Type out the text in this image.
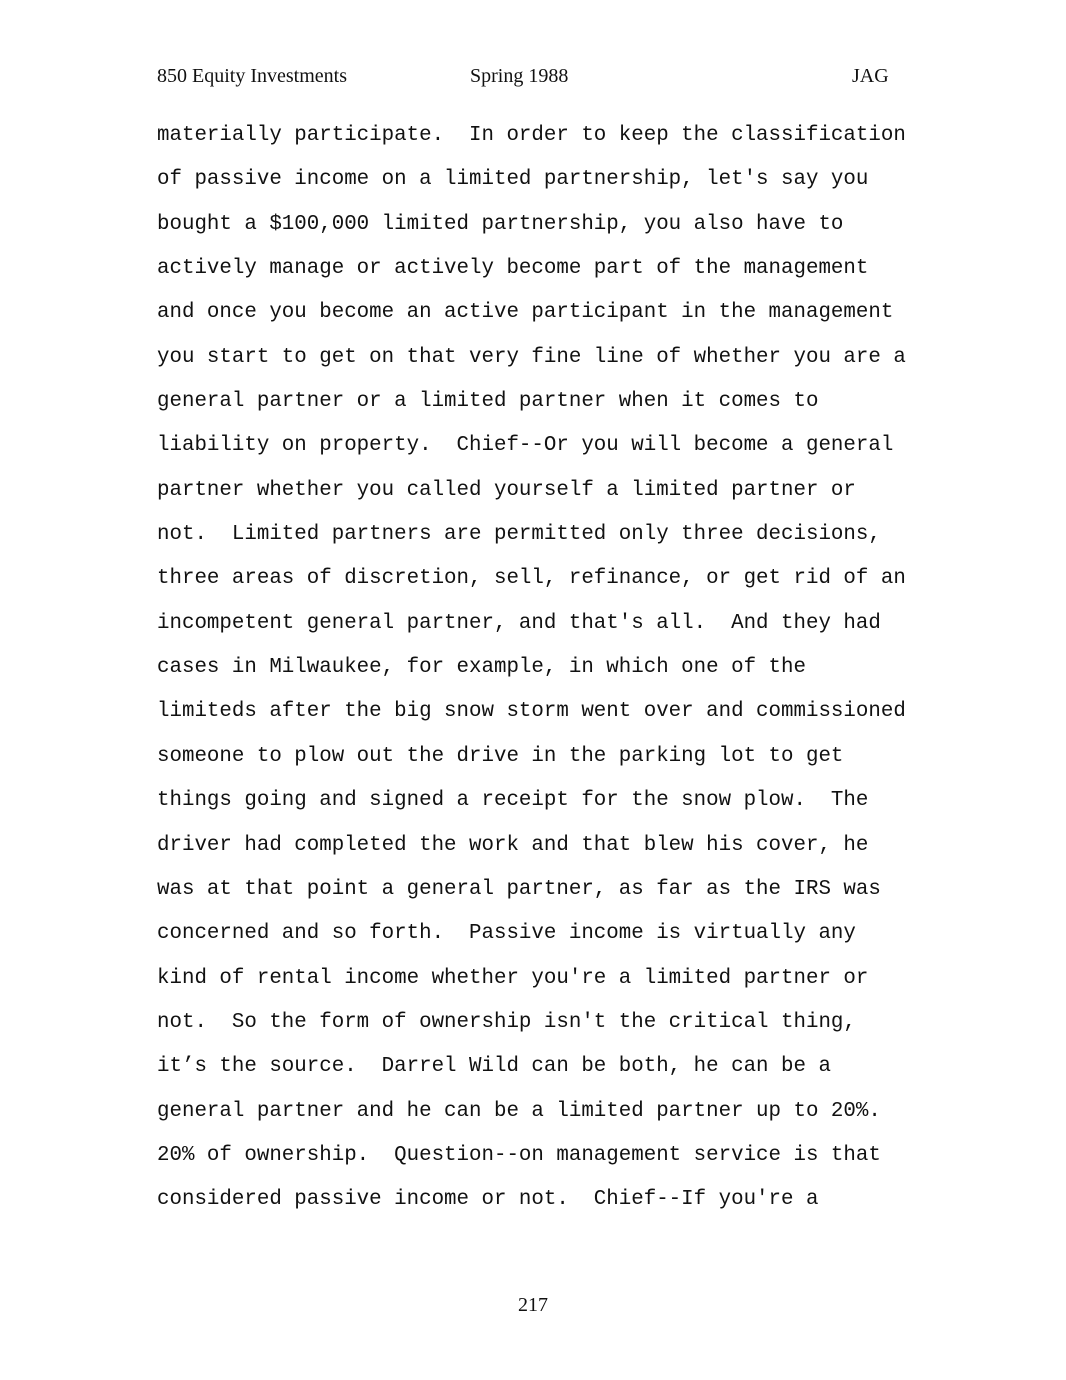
850 Equity Investments	Spring 1988	JAG
materially participate.  In order to keep the classification
of passive income on a limited partnership, let's say you
bought a $100,000 limited partnership, you also have to
actively manage or actively become part of the management
and once you become an active participant in the management
you start to get on that very fine line of whether you are a
general partner or a limited partner when it comes to
liability on property.  Chief--Or you will become a general
partner whether you called yourself a limited partner or
not.  Limited partners are permitted only three decisions,
three areas of discretion, sell, refinance, or get rid of an
incompetent general partner, and that's all.  And they had
cases in Milwaukee, for example, in which one of the
limiteds after the big snow storm went over and commissioned
someone to plow out the drive in the parking lot to get
things going and signed a receipt for the snow plow.  The
driver had completed the work and that blew his cover, he
was at that point a general partner, as far as the IRS was
concerned and so forth.  Passive income is virtually any
kind of rental income whether you're a limited partner or
not.  So the form of ownership isn't the critical thing,
it’s the source.  Darrel Wild can be both, he can be a
general partner and he can be a limited partner up to 20%.
20% of ownership.  Question--on management service is that
considered passive income or not.  Chief--If you're a
217
